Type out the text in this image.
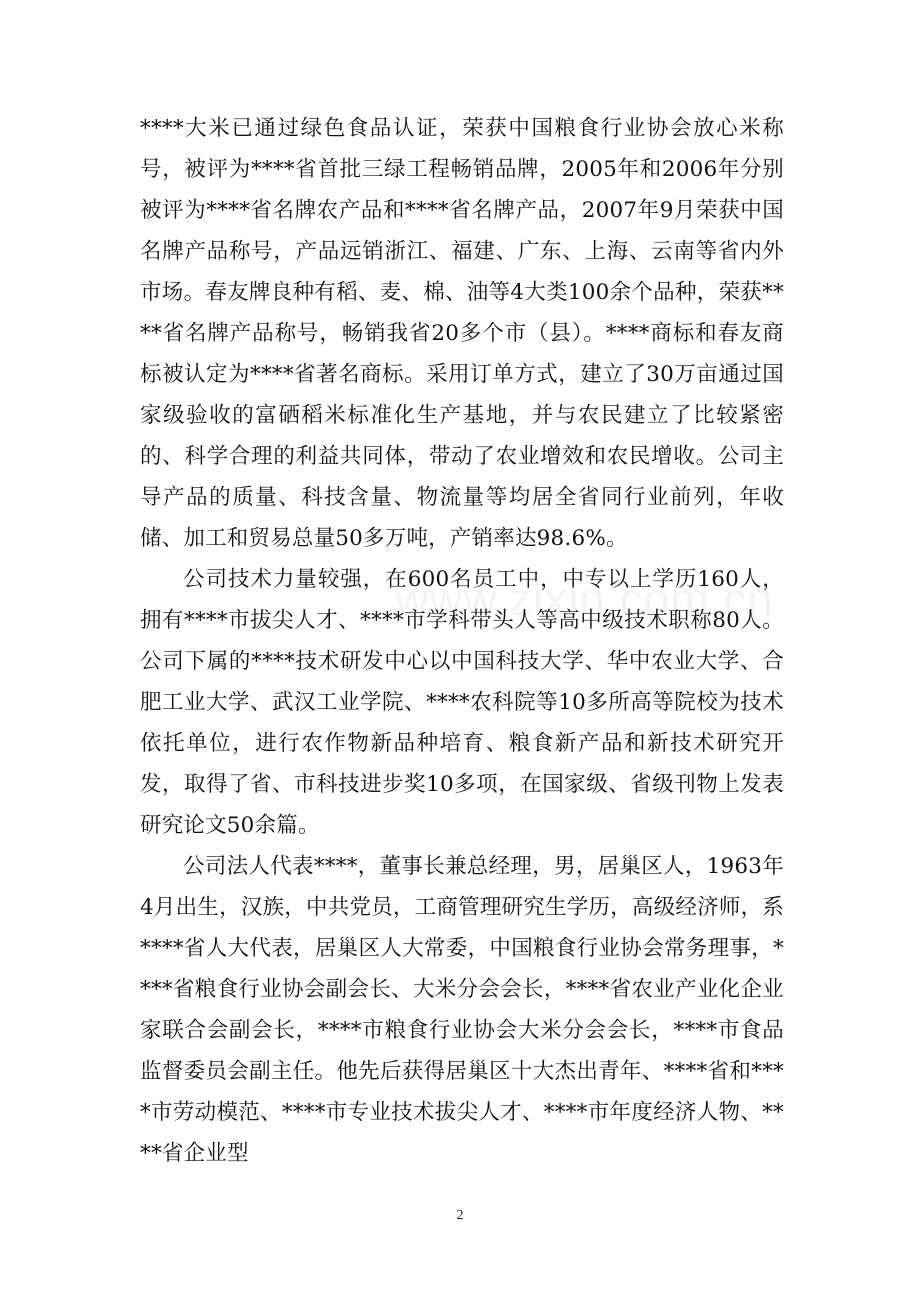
****大米已通过绿色食品认证，荣获中国粮食行业协会放心米称号，被评为****省首批三绿工程畅销品牌，2005年和2006年分别被评为****省名牌农产品和****省名牌产品，2007年9月荣获中国名牌产品称号，产品远销浙江、福建、广东、上海、云南等省内外市场。春友牌良种有稻、麦、棉、油等4大类100余个品种，荣获****省名牌产品称号，畅销我省20多个市（县）。****商标和春友商标被认定为****省著名商标。采用订单方式，建立了30万亩通过国家级验收的富硒稻米标准化生产基地，并与农民建立了比较紧密的、科学合理的利益共同体，带动了农业增效和农民增收。公司主导产品的质量、科技含量、物流量等均居全省同行业前列，年收储、加工和贸易总量50多万吨，产销率达98.6%。

公司技术力量较强，在600名员工中，中专以上学历160人，拥有****市拔尖人才、****市学科带头人等高中级技术职称80人。公司下属的****技术研发中心以中国科技大学、华中农业大学、合肥工业大学、武汉工业学院、****农科院等10多所高等院校为技术依托单位，进行农作物新品种培育、粮食新产品和新技术研究开发，取得了省、市科技进步奖10多项，在国家级、省级刊物上发表研究论文50余篇。

公司法人代表****，董事长兼总经理，男，居巢区人，1963年4月出生，汉族，中共党员，工商管理研究生学历，高级经济师，系****省人大代表，居巢区人大常委，中国粮食行业协会常务理事，****省粮食行业协会副会长、大米分会会长，****省农业产业化企业家联合会副会长，****市粮食行业协会大米分会会长，****市食品监督委员会副主任。他先后获得居巢区十大杰出青年、****省和****市劳动模范、****市专业技术拔尖人才、****市年度经济人物、****省企业型

2
